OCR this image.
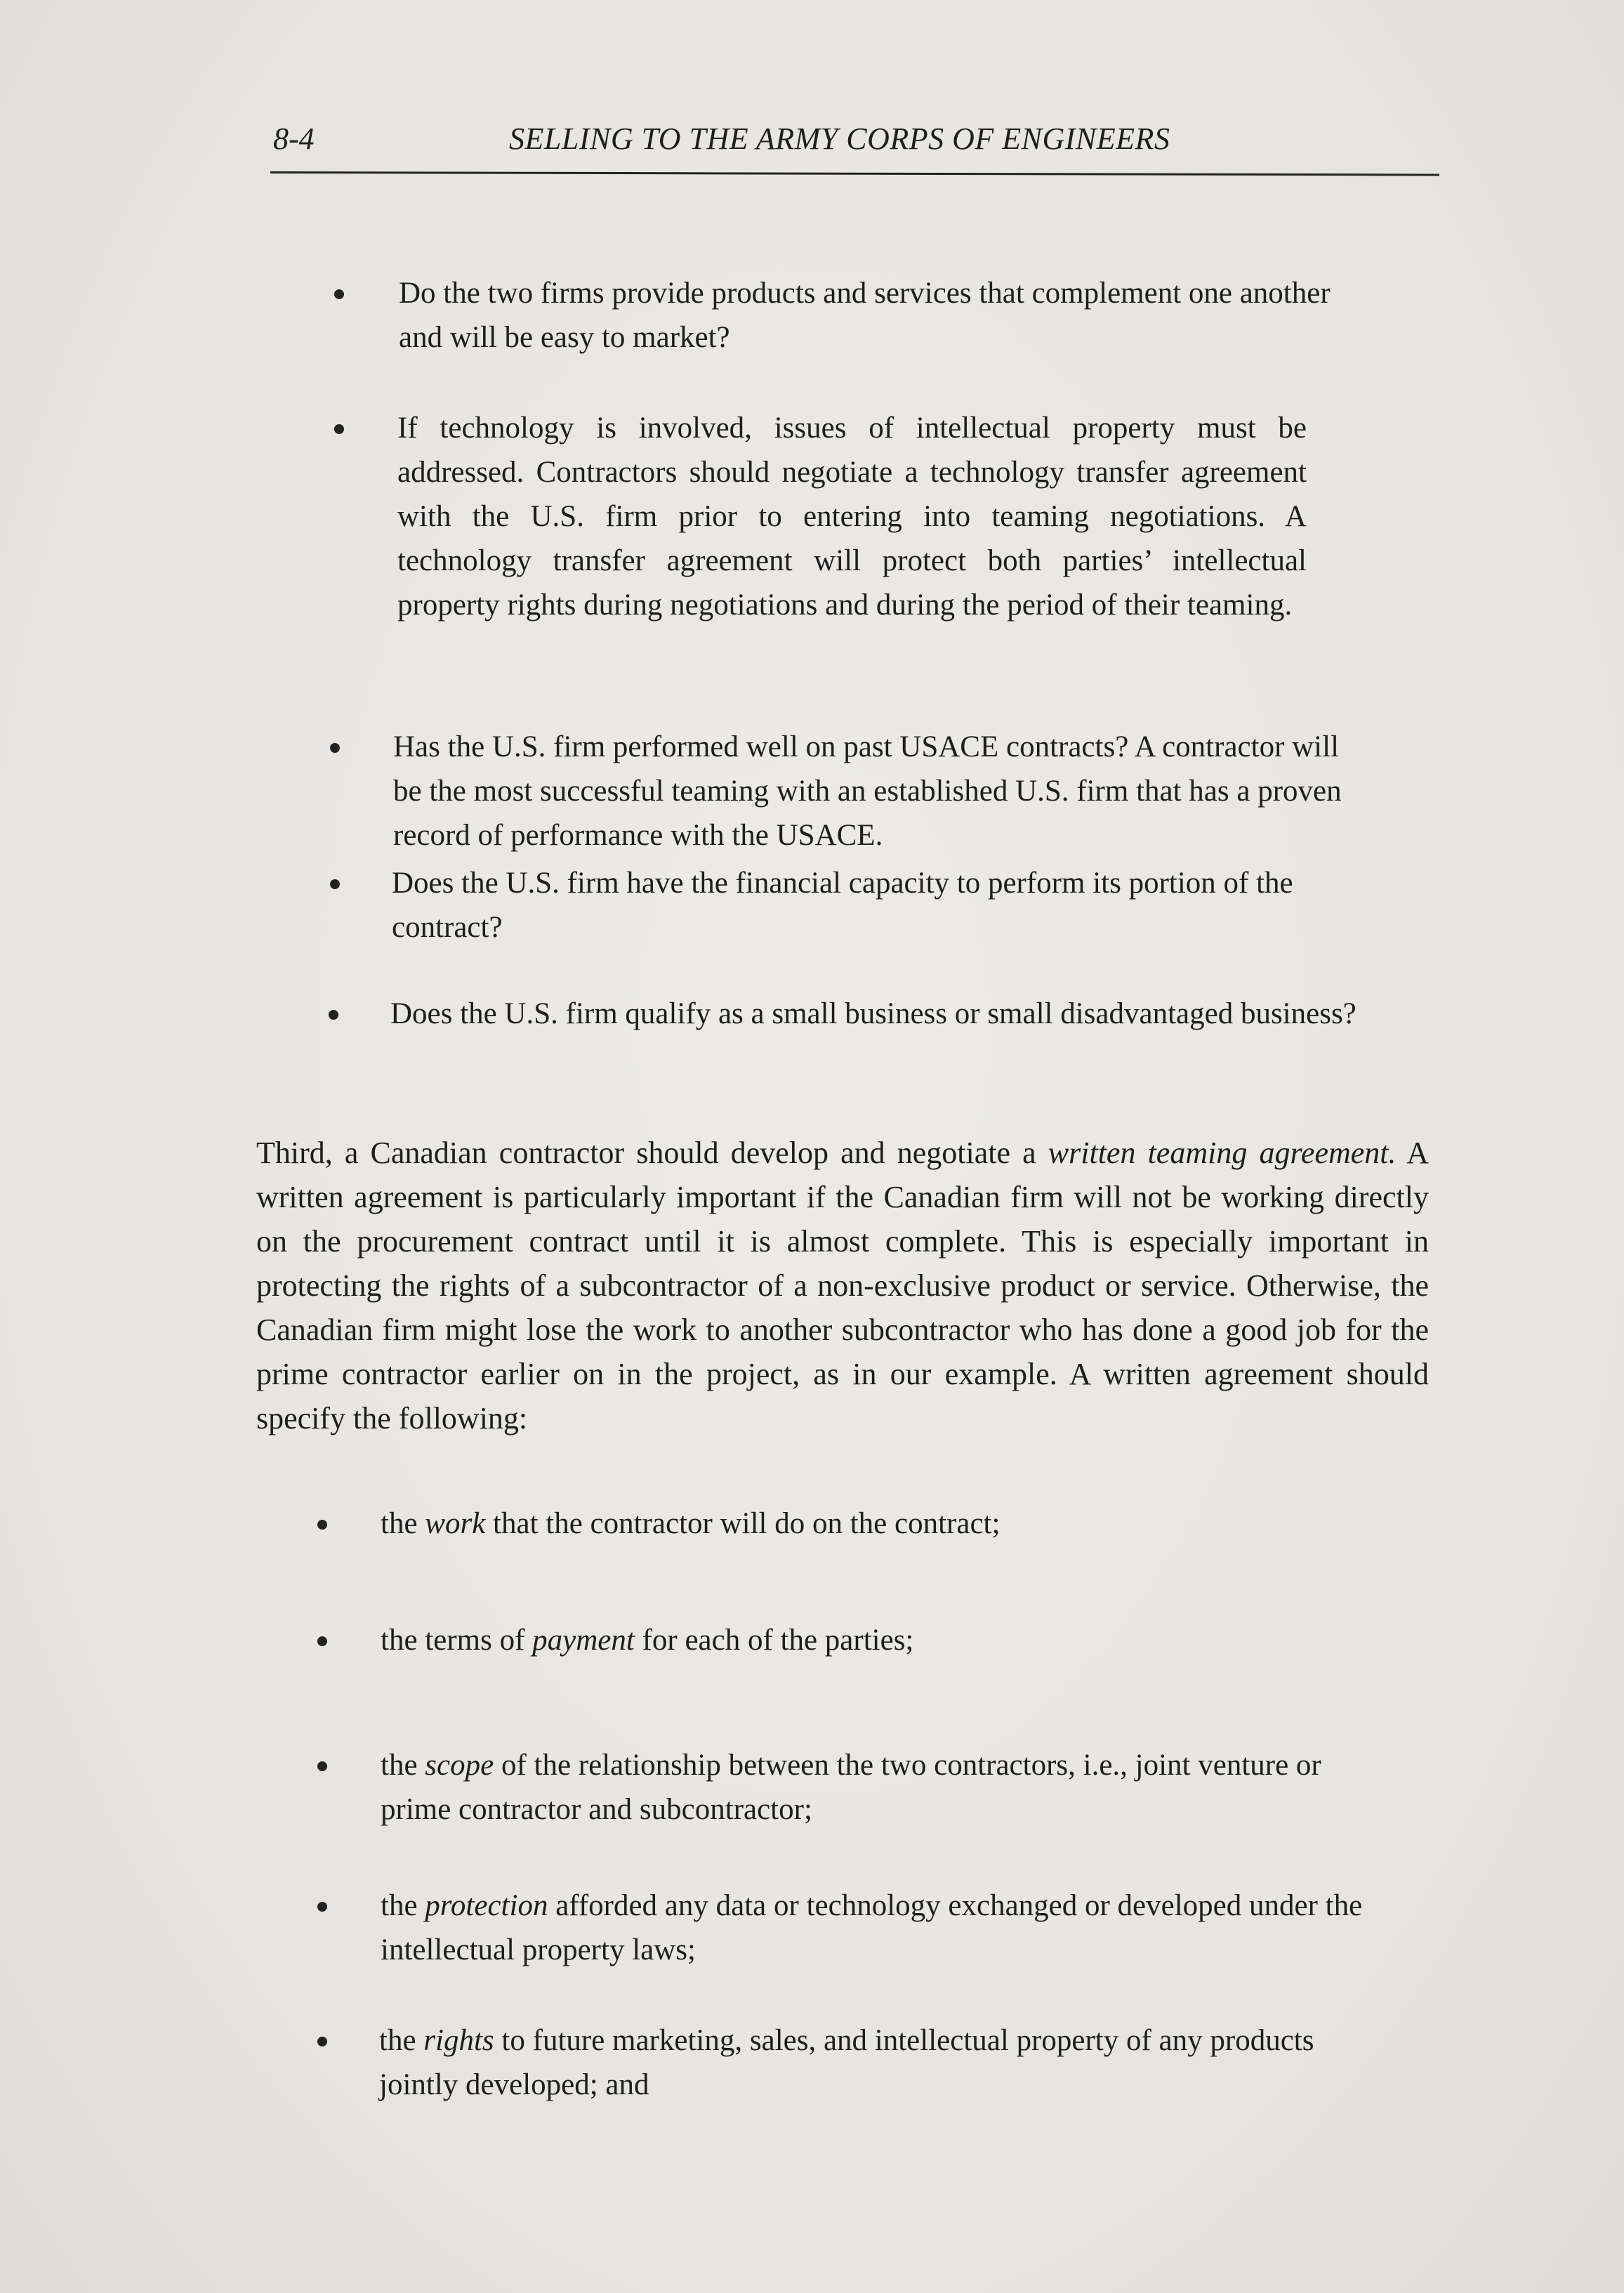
8-4	SELLING TO THE ARMY CORPS OF ENGINEERS
Do the two firms provide products and services that complement one another and will be easy to market?
If technology is involved, issues of intellectual property must be addressed. Contractors should negotiate a technology transfer agreement with the U.S. firm prior to entering into teaming negotiations. A technology transfer agreement will protect both parties’ intellectual property rights during negotiations and during the period of their teaming.
Has the U.S. firm performed well on past USACE contracts? A contractor will be the most successful teaming with an established U.S. firm that has a proven record of performance with the USACE.
Does the U.S. firm have the financial capacity to perform its portion of the contract?
Does the U.S. firm qualify as a small business or small disadvantaged business?
Third, a Canadian contractor should develop and negotiate a written teaming agreement. A written agreement is particularly important if the Canadian firm will not be working directly on the procurement contract until it is almost complete. This is especially important in protecting the rights of a subcontractor of a non-exclusive product or service. Otherwise, the Canadian firm might lose the work to another subcontractor who has done a good job for the prime contractor earlier on in the project, as in our example. A written agreement should specify the following:
the work that the contractor will do on the contract;
the terms of payment for each of the parties;
the scope of the relationship between the two contractors, i.e., joint venture or prime contractor and subcontractor;
the protection afforded any data or technology exchanged or developed under the intellectual property laws;
the rights to future marketing, sales, and intellectual property of any products jointly developed; and
